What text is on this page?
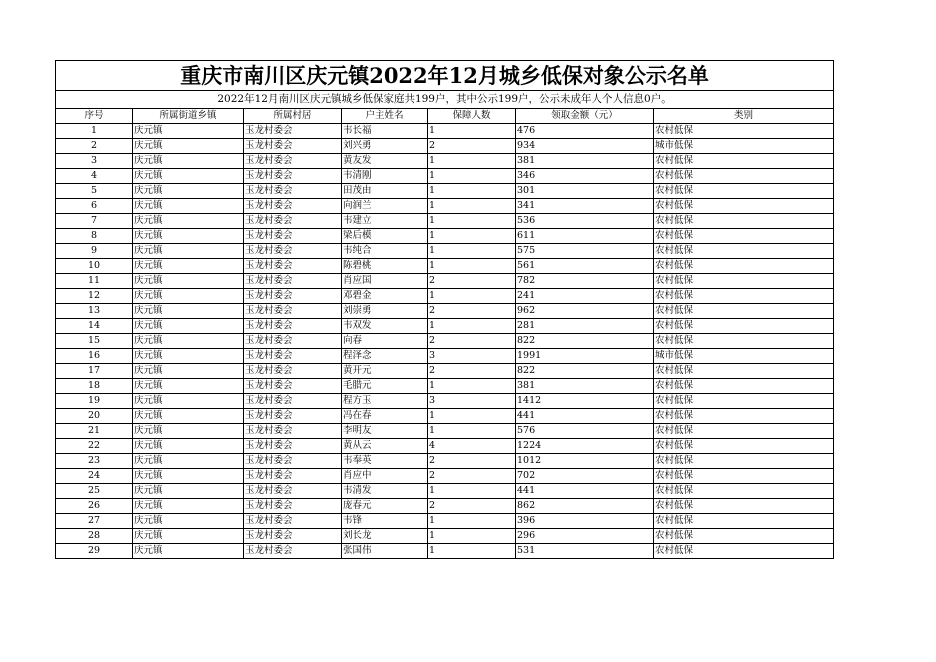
重庆市南川区庆元镇2022年12月城乡低保对象公示名单						
2022年12月南川区庆元镇城乡低保家庭共199户，其中公示199户，公示未成年人个人信息0户。						
序号	所属街道乡镇	所属村居	户主姓名	保障人数	领取金额（元）	类别
1	庆元镇	玉龙村委会	韦长福	1	476	农村低保
2	庆元镇	玉龙村委会	刘兴勇	2	934	城市低保
3	庆元镇	玉龙村委会	黄友发	1	381	农村低保
4	庆元镇	玉龙村委会	韦清刚	1	346	农村低保
5	庆元镇	玉龙村委会	田茂由	1	301	农村低保
6	庆元镇	玉龙村委会	向润兰	1	341	农村低保
7	庆元镇	玉龙村委会	韦建立	1	536	农村低保
8	庆元镇	玉龙村委会	梁后模	1	611	农村低保
9	庆元镇	玉龙村委会	韦纯合	1	575	农村低保
10	庆元镇	玉龙村委会	陈碧桃	1	561	农村低保
11	庆元镇	玉龙村委会	肖应国	2	782	农村低保
12	庆元镇	玉龙村委会	邓碧金	1	241	农村低保
13	庆元镇	玉龙村委会	刘崇勇	2	962	农村低保
14	庆元镇	玉龙村委会	韦双发	1	281	农村低保
15	庆元镇	玉龙村委会	向春	2	822	农村低保
16	庆元镇	玉龙村委会	程泽念	3	1991	城市低保
17	庆元镇	玉龙村委会	黄开元	2	822	农村低保
18	庆元镇	玉龙村委会	毛腊元	1	381	农村低保
19	庆元镇	玉龙村委会	程方玉	3	1412	农村低保
20	庆元镇	玉龙村委会	冯在春	1	441	农村低保
21	庆元镇	玉龙村委会	李明友	1	576	农村低保
22	庆元镇	玉龙村委会	黄从云	4	1224	农村低保
23	庆元镇	玉龙村委会	韦奉英	2	1012	农村低保
24	庆元镇	玉龙村委会	肖应中	2	702	农村低保
25	庆元镇	玉龙村委会	韦清发	1	441	农村低保
26	庆元镇	玉龙村委会	庞春元	2	862	农村低保
27	庆元镇	玉龙村委会	韦锋	1	396	农村低保
28	庆元镇	玉龙村委会	刘长龙	1	296	农村低保
29	庆元镇	玉龙村委会	张国伟	1	531	农村低保
